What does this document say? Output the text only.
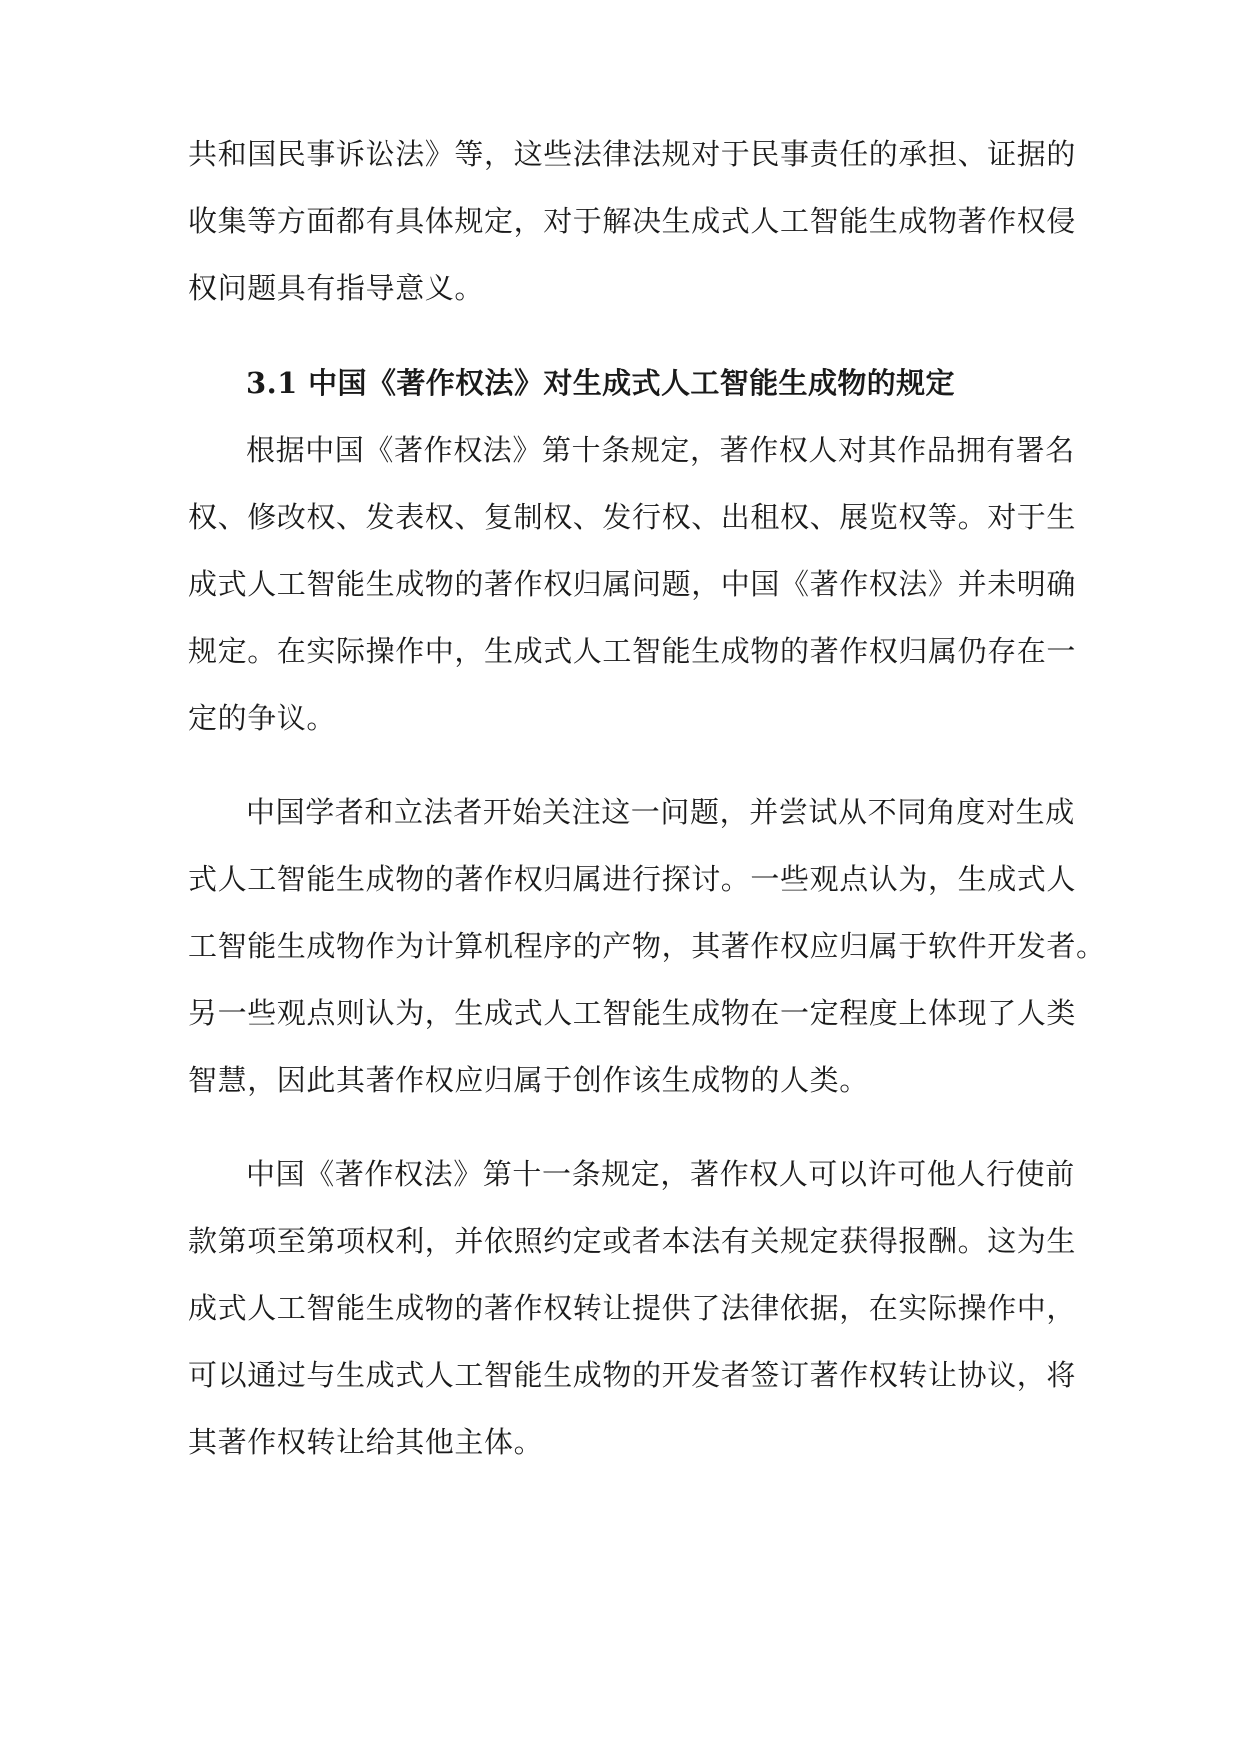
共和国民事诉讼法》等，这些法律法规对于民事责任的承担、证据的
收集等方面都有具体规定，对于解决生成式人工智能生成物著作权侵
权问题具有指导意义。
3.1 中国《著作权法》对生成式人工智能生成物的规定
根据中国《著作权法》第十条规定，著作权人对其作品拥有署名
权、修改权、发表权、复制权、发行权、出租权、展览权等。对于生
成式人工智能生成物的著作权归属问题，中国《著作权法》并未明确
规定。在实际操作中，生成式人工智能生成物的著作权归属仍存在一
定的争议。
中国学者和立法者开始关注这一问题，并尝试从不同角度对生成
式人工智能生成物的著作权归属进行探讨。一些观点认为，生成式人
工智能生成物作为计算机程序的产物，其著作权应归属于软件开发者。
另一些观点则认为，生成式人工智能生成物在一定程度上体现了人类
智慧，因此其著作权应归属于创作该生成物的人类。
中国《著作权法》第十一条规定，著作权人可以许可他人行使前
款第项至第项权利，并依照约定或者本法有关规定获得报酬。这为生
成式人工智能生成物的著作权转让提供了法律依据，在实际操作中，
可以通过与生成式人工智能生成物的开发者签订著作权转让协议，将
其著作权转让给其他主体。
